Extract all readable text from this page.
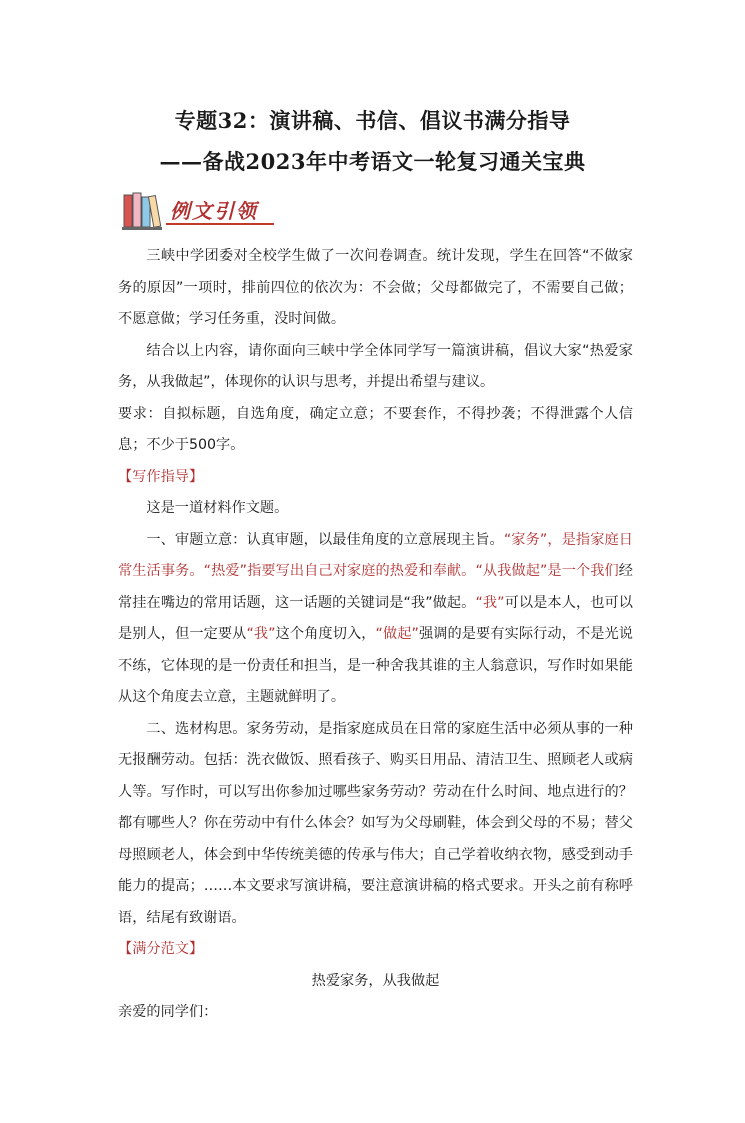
专题32：演讲稿、书信、倡议书满分指导
——备战2023年中考语文一轮复习通关宝典
例文引领

三峡中学团委对全校学生做了一次问卷调查。统计发现，学生在回答“不做家务的原因”一项时，排前四位的依次为：不会做；父母都做完了，不需要自己做；不愿意做；学习任务重，没时间做。

结合以上内容，请你面向三峡中学全体同学写一篇演讲稿，倡议大家“热爱家务，从我做起”，体现你的认识与思考，并提出希望与建议。

要求：自拟标题，自选角度，确定立意；不要套作，不得抄袭；不得泄露个人信息；不少于500字。

【写作指导】

这是一道材料作文题。

一、审题立意：认真审题，以最佳角度的立意展现主旨。“家务”，是指家庭日常生活事务。“热爱”指要写出自己对家庭的热爱和奉献。“从我做起”是一个我们经常挂在嘴边的常用话题，这一话题的关键词是“我”做起。“我”可以是本人，也可以是别人，但一定要从“我”这个角度切入，“做起”强调的是要有实际行动，不是光说不练，它体现的是一份责任和担当，是一种舍我其谁的主人翁意识，写作时如果能从这个角度去立意，主题就鲜明了。

二、选材构思。家务劳动，是指家庭成员在日常的家庭生活中必须从事的一种无报酬劳动。包括：洗衣做饭、照看孩子、购买日用品、清洁卫生、照顾老人或病人等。写作时，可以写出你参加过哪些家务劳动？劳动在什么时间、地点进行的？都有哪些人？你在劳动中有什么体会？如写为父母刷鞋，体会到父母的不易；替父母照顾老人，体会到中华传统美德的传承与伟大；自己学着收纳衣物，感受到动手能力的提高；……本文要求写演讲稿，要注意演讲稿的格式要求。开头之前有称呼语，结尾有致谢语。

【满分范文】

热爱家务，从我做起

亲爱的同学们：
